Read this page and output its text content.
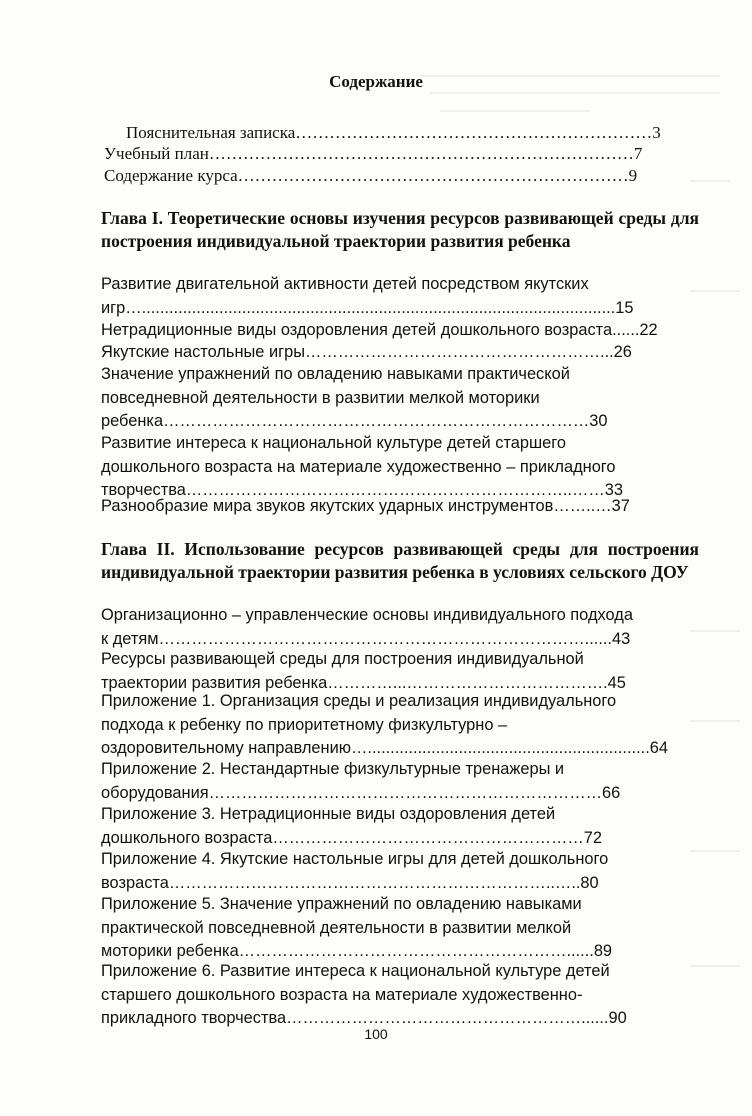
Содержание
Пояснительная записка………………………………………………………3
Учебный план…………………………………………………………………7
Содержание курса……………………………………………………………9
Глава I. Теоретические основы изучения ресурсов развивающей среды для построения индивидуальной траектории развития ребенка
Развитие двигательной активности детей посредством якутских
игр…........................................................................................................15
Нетрадиционные виды оздоровления детей дошкольного возраста......22
Якутские настольные игры………………………………………………...26
Значение упражнений по овладению навыками практической
повседневной деятельности в развитии мелкой моторики
ребенка……………………………………………………………………30
Развитие интереса к национальной культуре детей старшего
дошкольного возраста на материале художественно – прикладного
творчества……………………………………………………………..……33
Разнообразие мира звуков якутских ударных инструментов……..…37
Глава II. Использование ресурсов развивающей среды для построения индивидуальной траектории развития ребенка в условиях сельского ДОУ
Организационно – управленческие основы индивидуального подхода
к детям……………………………………………………………………......43
Ресурсы развивающей среды для построения индивидуальной
траектории развития ребенка…………...……………………………….45
Приложение 1. Организация среды и реализация индивидуального
подхода к ребенку по приоритетному физкультурно –
оздоровительному направлению…..............................................................64
Приложение 2. Нестандартные физкультурные тренажеры и
оборудования………………………………………………………………66
Приложение 3. Нетрадиционные виды оздоровления детей
дошкольного возраста…………………………………………………72
Приложение 4. Якутские настольные игры для детей дошкольного
возраста……………………………………………………………..…..80
Приложение 5. Значение упражнений по овладению навыками
практической повседневной деятельности в развитии мелкой
моторики ребенка……………………………………………………......89
Приложение 6. Развитие интереса к национальной культуре детей
старшего дошкольного возраста на материале художественно-
прикладного творчества………………………………………………......90
100
